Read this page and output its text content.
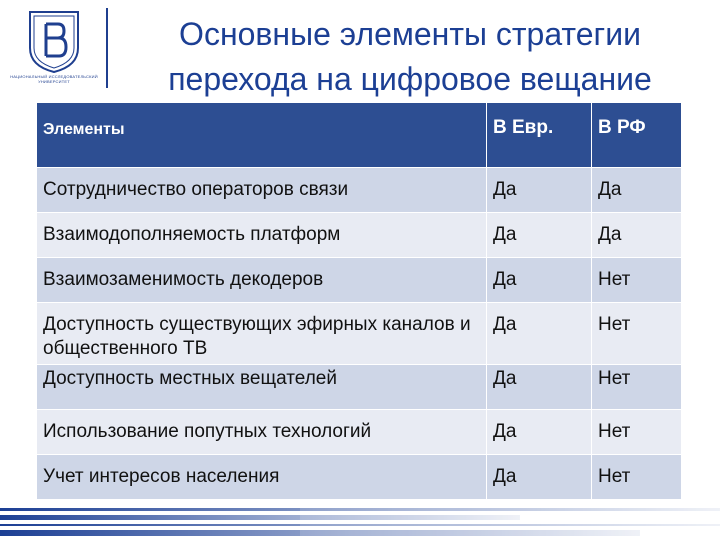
НАЦИОНАЛЬНЫЙ ИССЛЕДОВАТЕЛЬСКИЙ УНИВЕРСИТЕТ
Основные элементы стратегии
перехода на цифровое вещание
Элементы	В Евр.	В РФ

Сотрудничество операторов связи	Да	Да

Взаимодополняемость платформ	Да	Да

Взаимозаменимость декодеров	Да	Нет

Доступность существующих эфирных каналов и общественного ТВ	Да	Нет

Доступность местных вещателей	Да	Нет

Использование попутных технологий	Да	Нет

Учет интересов населения	Да	Нет
